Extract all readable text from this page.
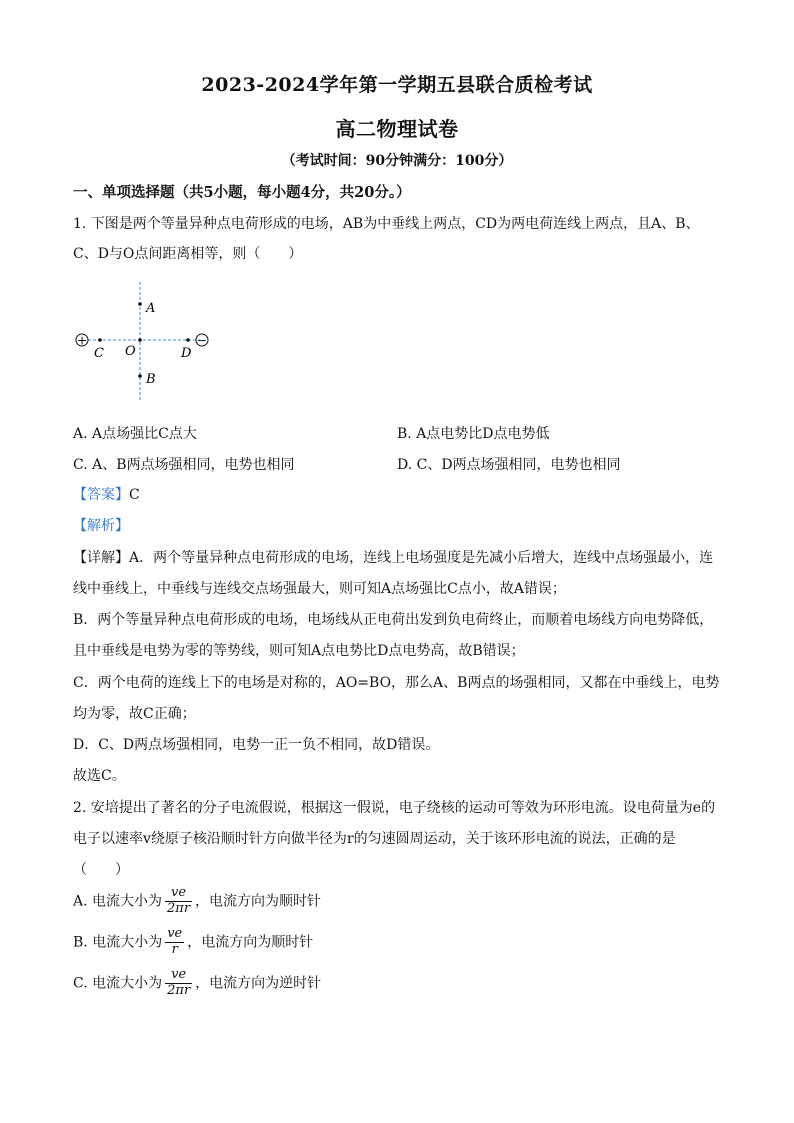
2023-2024学年第一学期五县联合质检考试
高二物理试卷
（考试时间：90分钟满分：100分）
一、单项选择题（共5小题，每小题4分，共20分。）
1. 下图是两个等量异种点电荷形成的电场，AB为中垂线上两点，CD为两电荷连线上两点，且A、B、
C、D与O点间距离相等，则（　　）
+	−
A
B
C O	D
A. A点场强比C点大	B. A点电势比D点电势低
C. A、B两点场强相同，电势也相同	D. C、D两点场强相同，电势也相同
【答案】C
【解析】
【详解】A．两个等量异种点电荷形成的电场，连线上电场强度是先减小后增大，连线中点场强最小，连
线中垂线上，中垂线与连线交点场强最大，则可知A点场强比C点小，故A错误；
B．两个等量异种点电荷形成的电场，电场线从正电荷出发到负电荷终止，而顺着电场线方向电势降低，
且中垂线是电势为零的等势线，则可知A点电势比D点电势高，故B错误；
C．两个电荷的连线上下的电场是对称的，AO=BO，那么A、B两点的场强相同，又都在中垂线上，电势
均为零，故C正确；
D．C、D两点场强相同，电势一正一负不相同，故D错误。
故选C。
2. 安培提出了著名的分子电流假说，根据这一假说，电子绕核的运动可等效为环形电流。设电荷量为e的
电子以速率v绕原子核沿顺时针方向做半径为r的匀速圆周运动，关于该环形电流的说法，正确的是
（　　）
A. 电流大小为 $\frac{ve}{2\pi r}$ ，电流方向为顺时针
B. 电流大小为 $\frac{ve}{r}$ ，电流方向为顺时针
C. 电流大小为 $\frac{ve}{2\pi r}$ ，电流方向为逆时针
